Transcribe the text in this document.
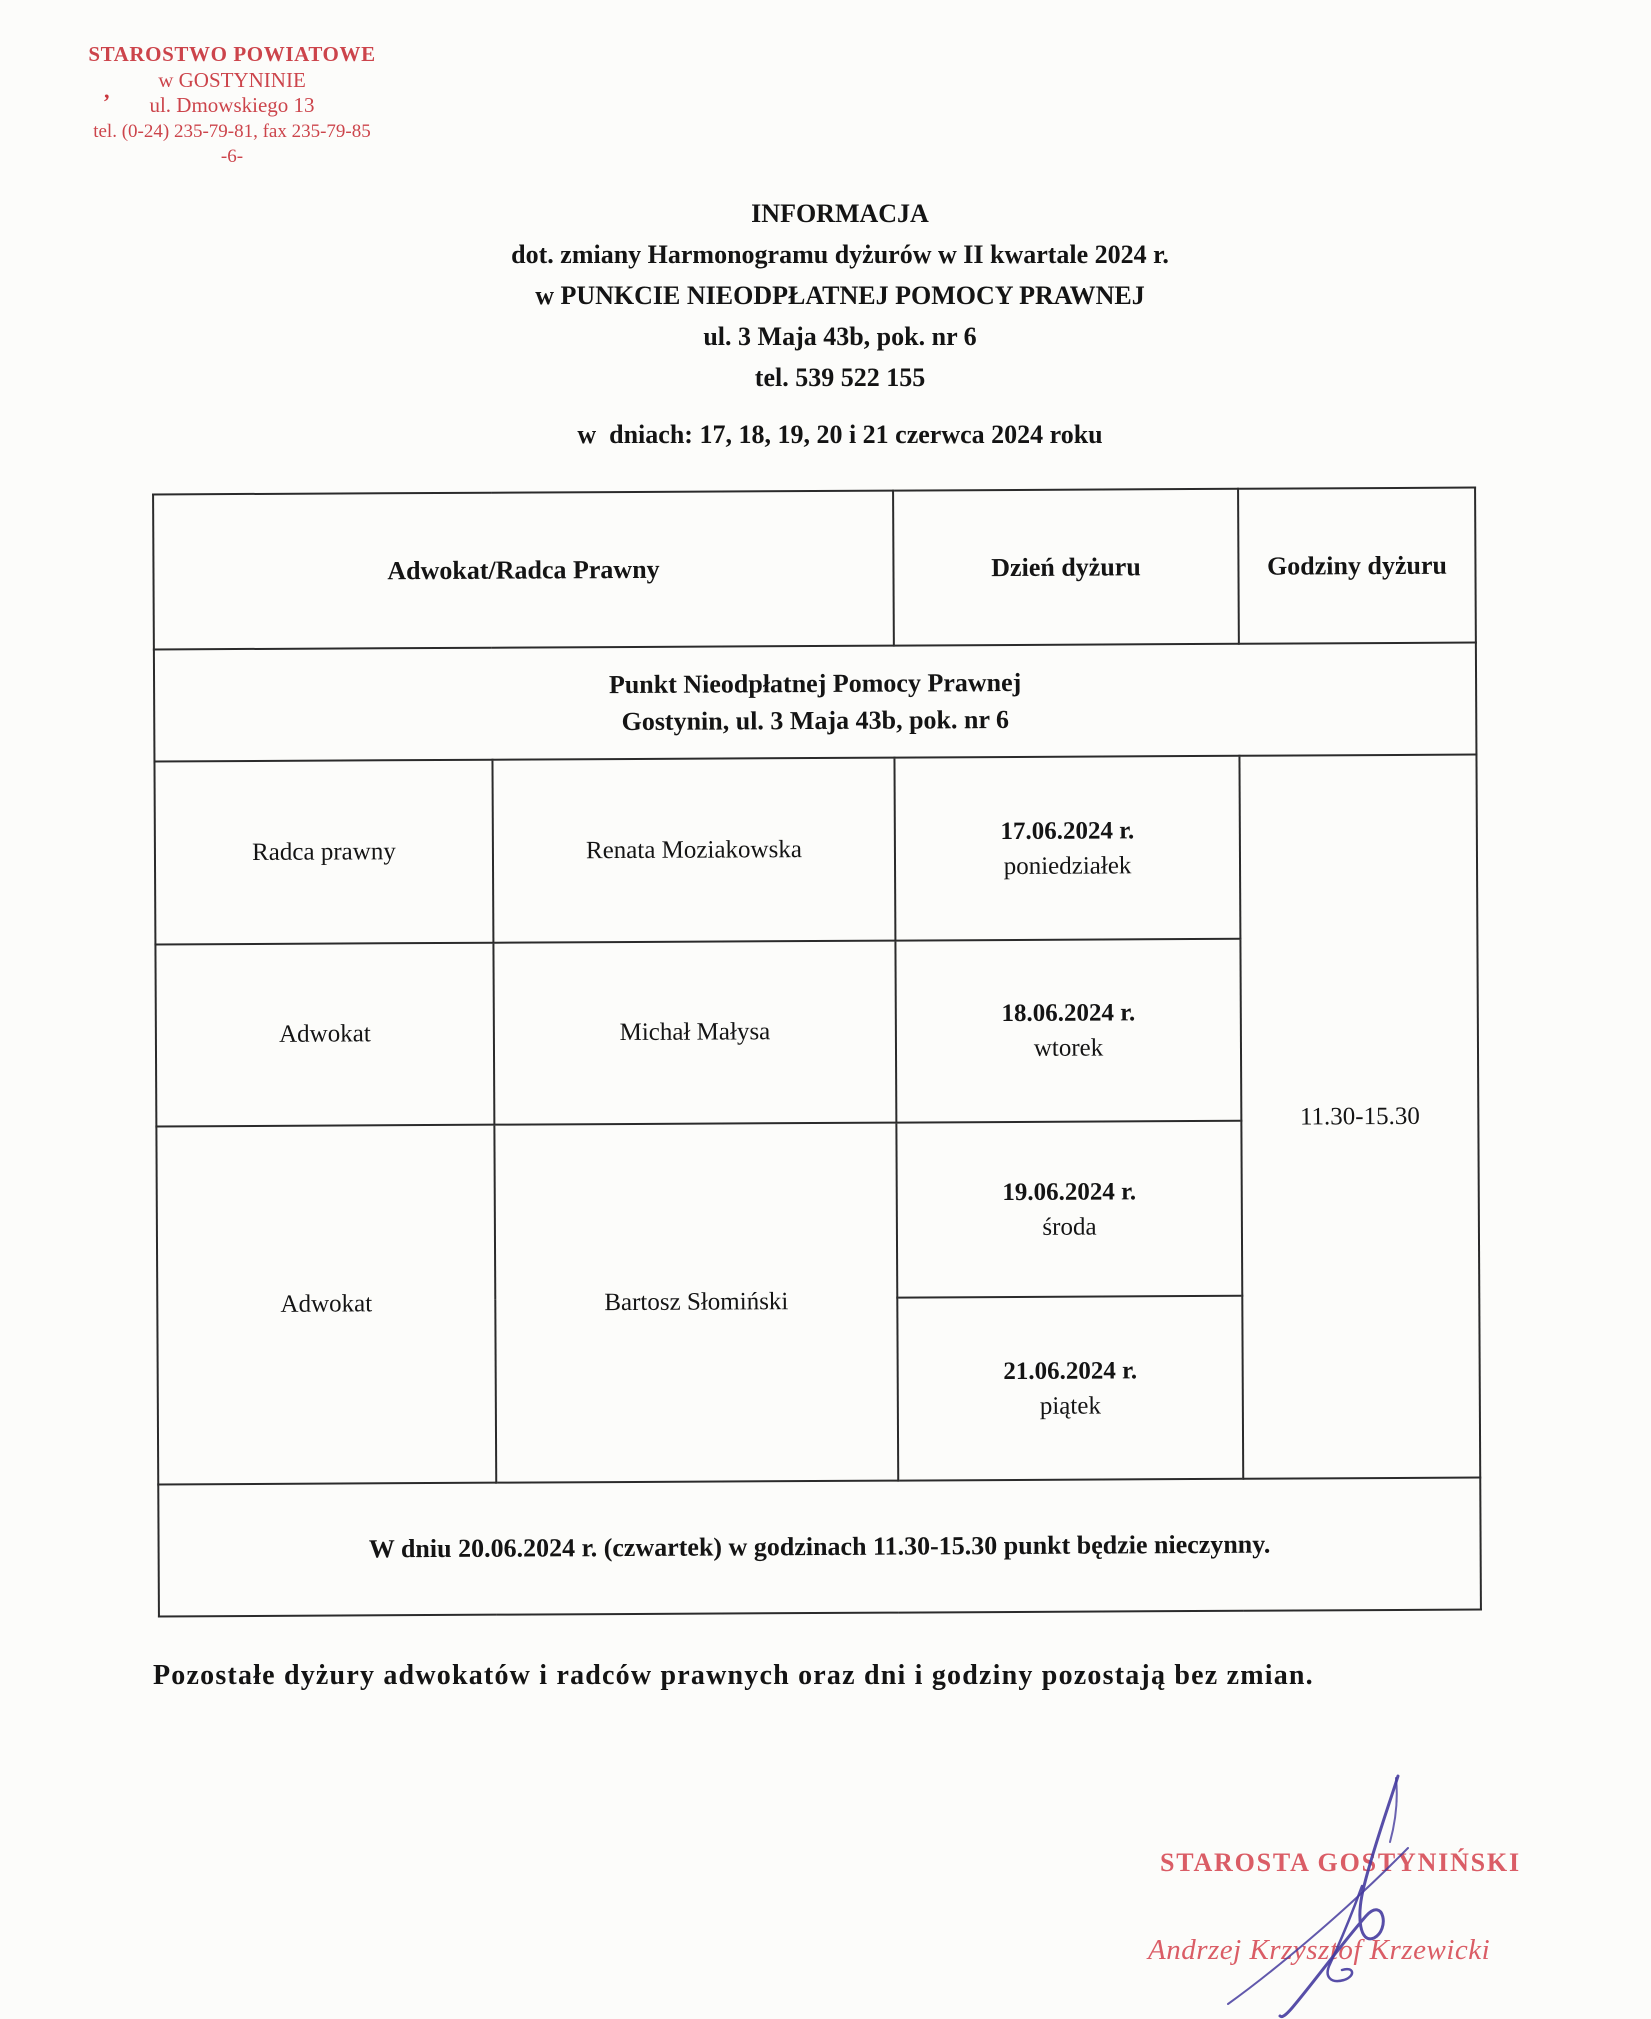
STAROSTWO POWIATOWE
w GOSTYNINIE
ul. Dmowskiego 13
tel. (0-24) 235-79-81, fax 235-79-85
-6-
,
INFORMACJA
dot. zmiany Harmonogramu dyżurów w II kwartale 2024 r.
w PUNKCIE NIEODPŁATNEJ POMOCY PRAWNEJ
ul. 3 Maja 43b, pok. nr 6
tel. 539 522 155
w  dniach: 17, 18, 19, 20 i 21 czerwca 2024 roku
Adwokat/Radca Prawny		Dzień dyżuru	Godziny dyżuru

Punkt Nieodpłatnej Pomocy Prawnej
Gostynin, ul. 3 Maja 43b, pok. nr 6			

Radca prawny	Renata Moziakowska	17.06.2024 r.
poniedziałek	11.30-15.30
Adwokat	Michał Małysa	18.06.2024 r.
wtorek	

Adwokat	Bartosz Słomiński	19.06.2024 r.
środa	

		21.06.2024 r.
piątek	

W dniu 20.06.2024 r. (czwartek) w godzinach 11.30-15.30 punkt będzie nieczynny.			
Pozostałe dyżury adwokatów i radców prawnych oraz dni i godziny pozostają bez zmian.
STAROSTA GOSTYNIŃSKI
Andrzej Krzysztof Krzewicki
